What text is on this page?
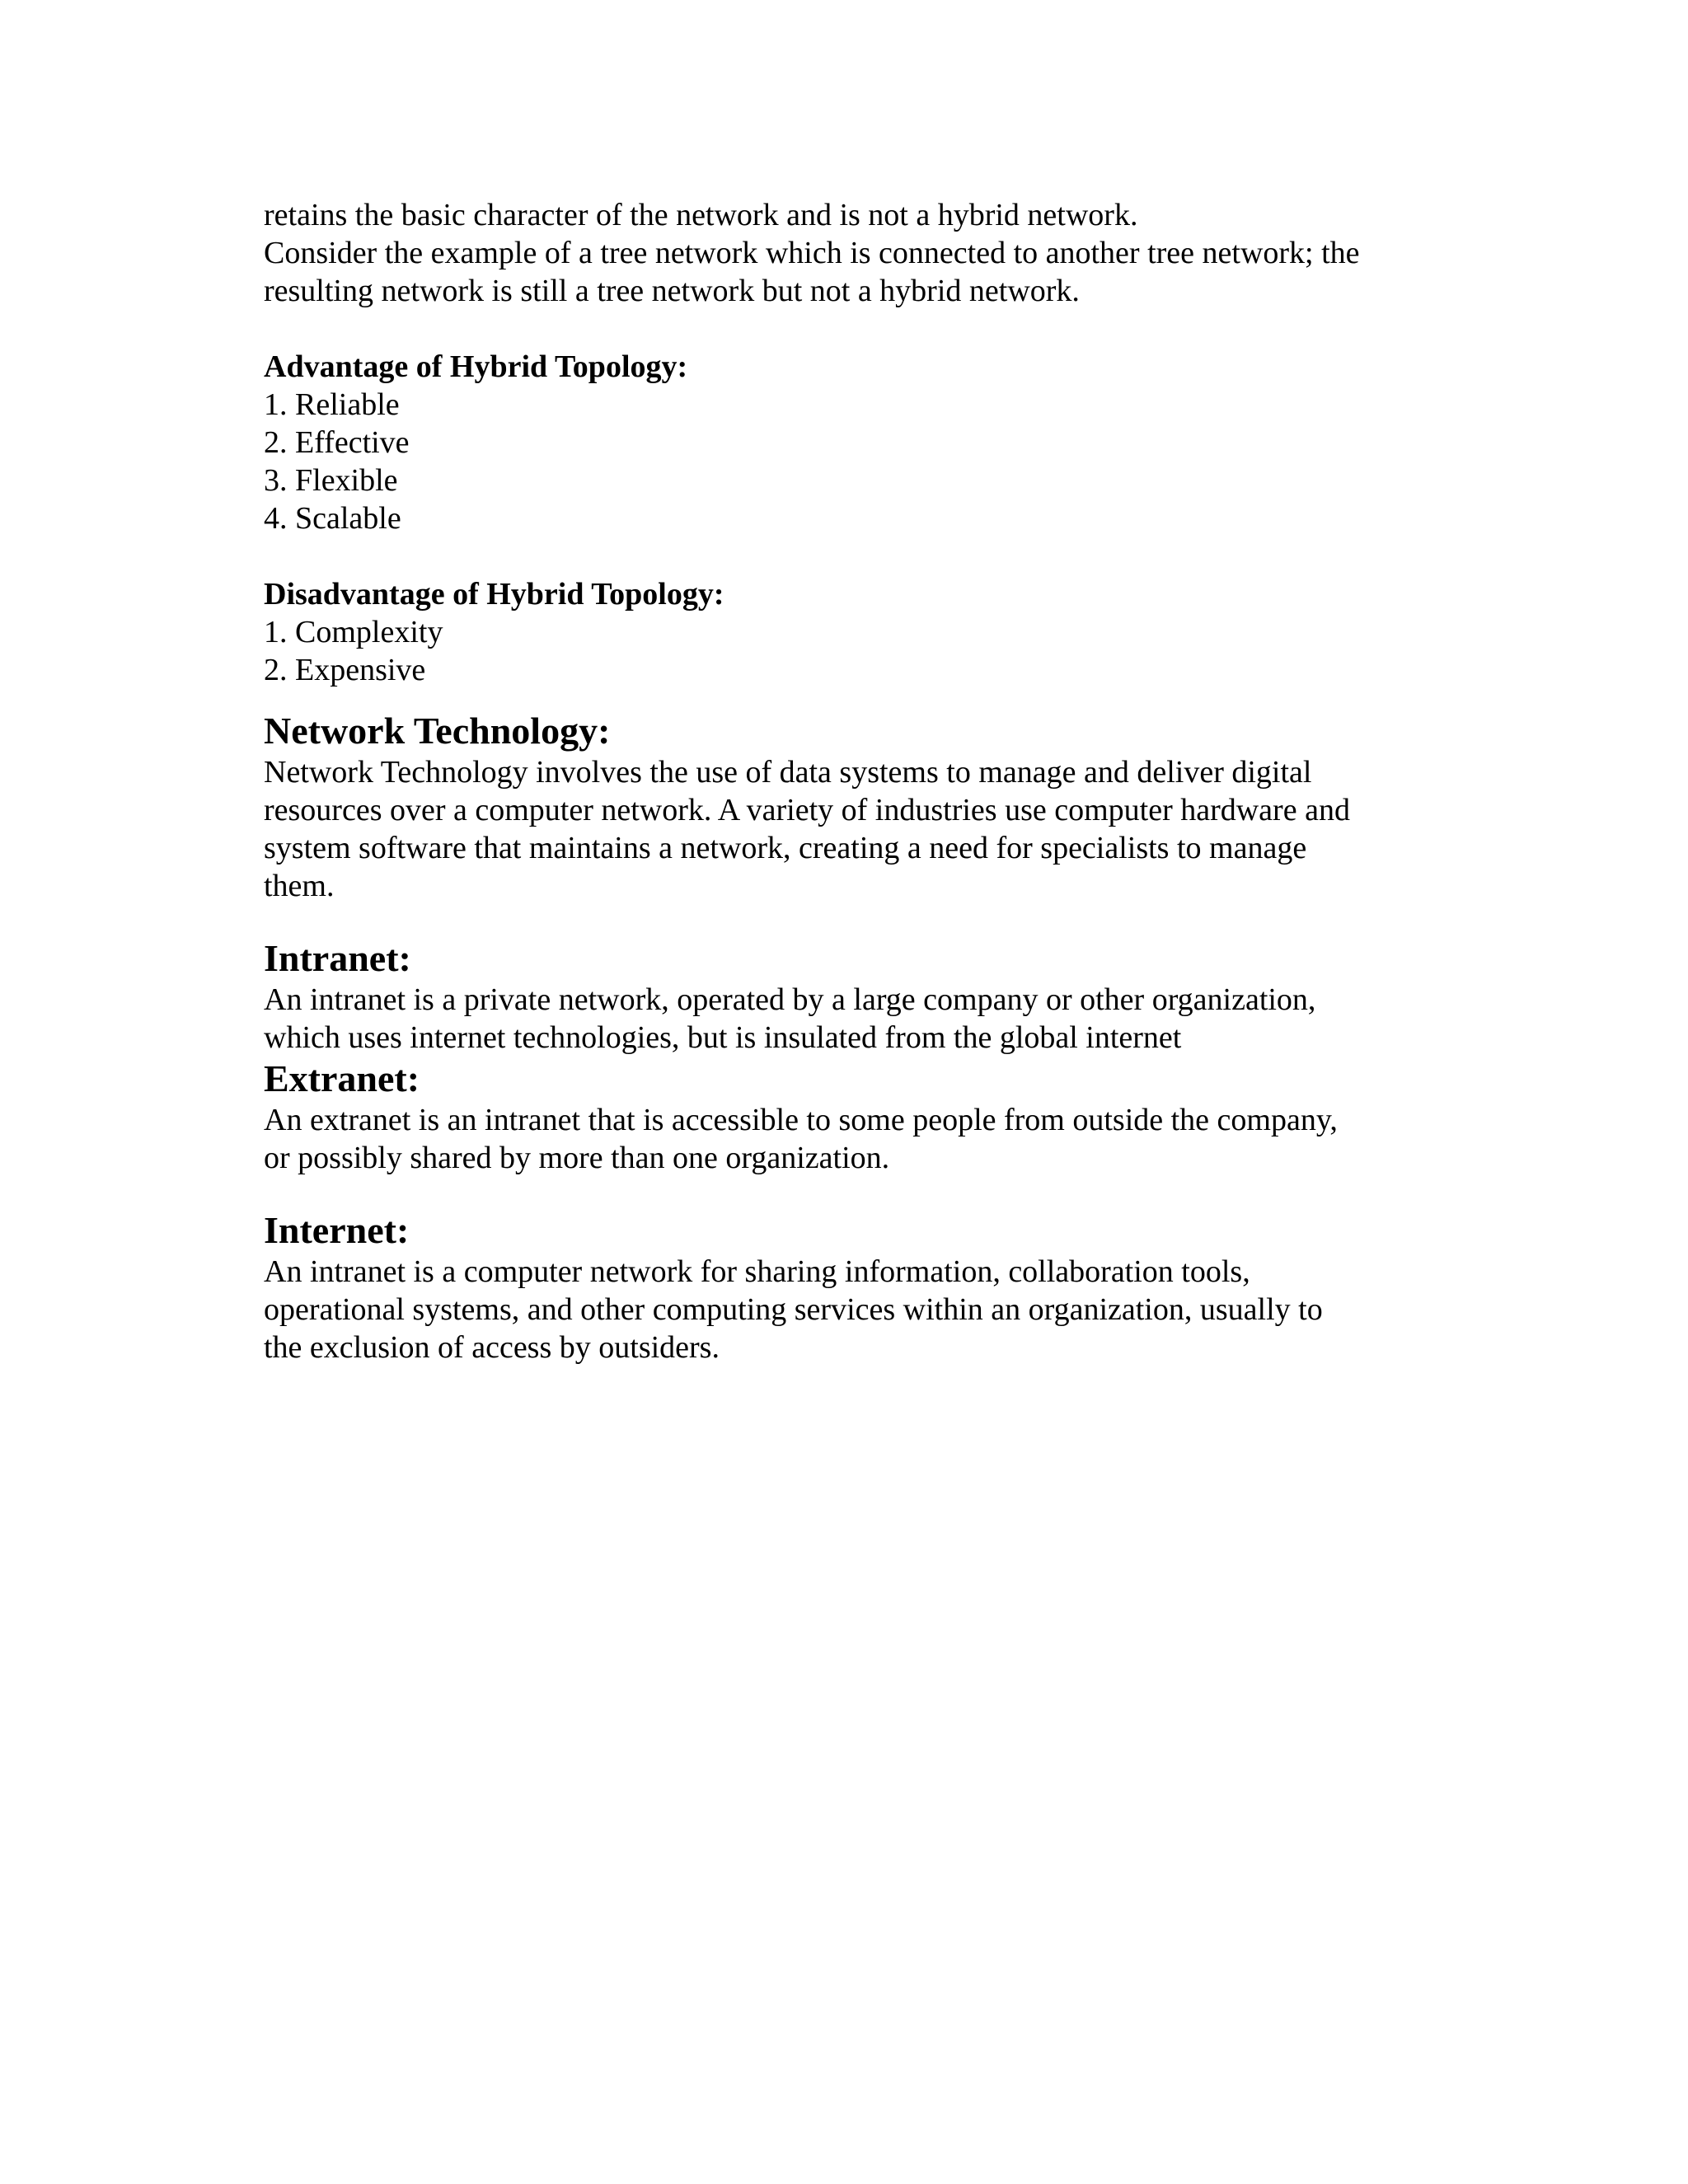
retains the basic character of the network and is not a hybrid network.

Consider the example of a tree network which is connected to another tree network; the

resulting network is still a tree network but not a hybrid network.

Advantage of Hybrid Topology:

1. Reliable
2. Effective
3. Flexible
4. Scalable

Disadvantage of Hybrid Topology:

1. Complexity
2. Expensive

Network Technology:

Network Technology involves the use of data systems to manage and deliver digital

resources over a computer network. A variety of industries use computer hardware and

system software that maintains a network, creating a need for specialists to manage

them.

Intranet:

An intranet is a private network, operated by a large company or other organization,

which uses internet technologies, but is insulated from the global internet

Extranet:

An extranet is an intranet that is accessible to some people from outside the company,

or possibly shared by more than one organization.

Internet:

An intranet is a computer network for sharing information, collaboration tools,

operational systems, and other computing services within an organization, usually to

the exclusion of access by outsiders.
